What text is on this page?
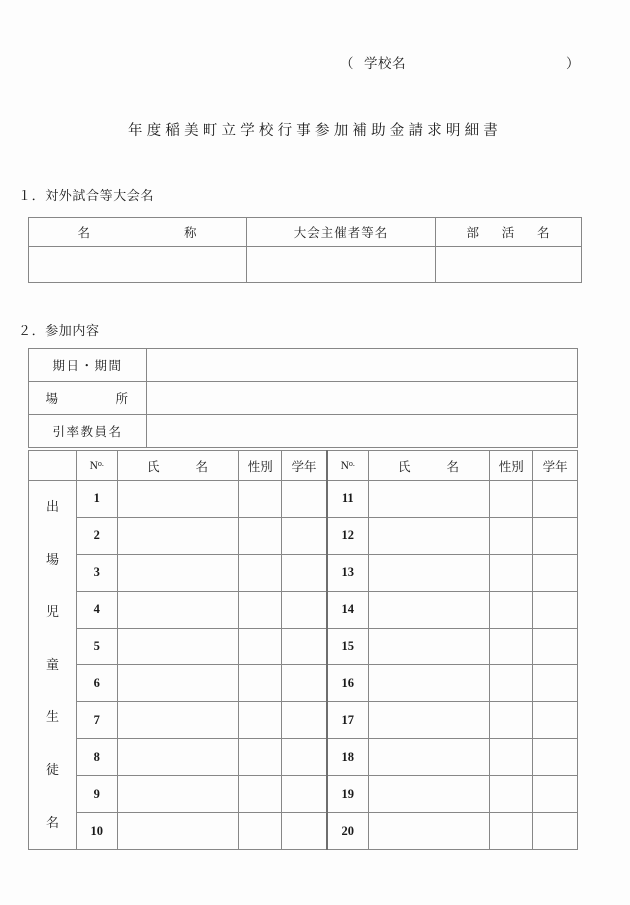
（ 学校名	）
年度稲美町立学校行事参加補助金請求明細書
１．対外試合等大会名
名称	大会主催者等名	部活名

２．参加内容
期日・期間	
場所	
引率教員名	
	$N^{o.}$	氏名	性別	学年	$N^{o.}$	氏名	性別	学年

出
場
児
童
生
徒
名
	1				11			
	2				12			
	3				13			
	4				14			
	5				15			
	6				16			
	7				17			
	8				18			
	9				19			
	10				20			
